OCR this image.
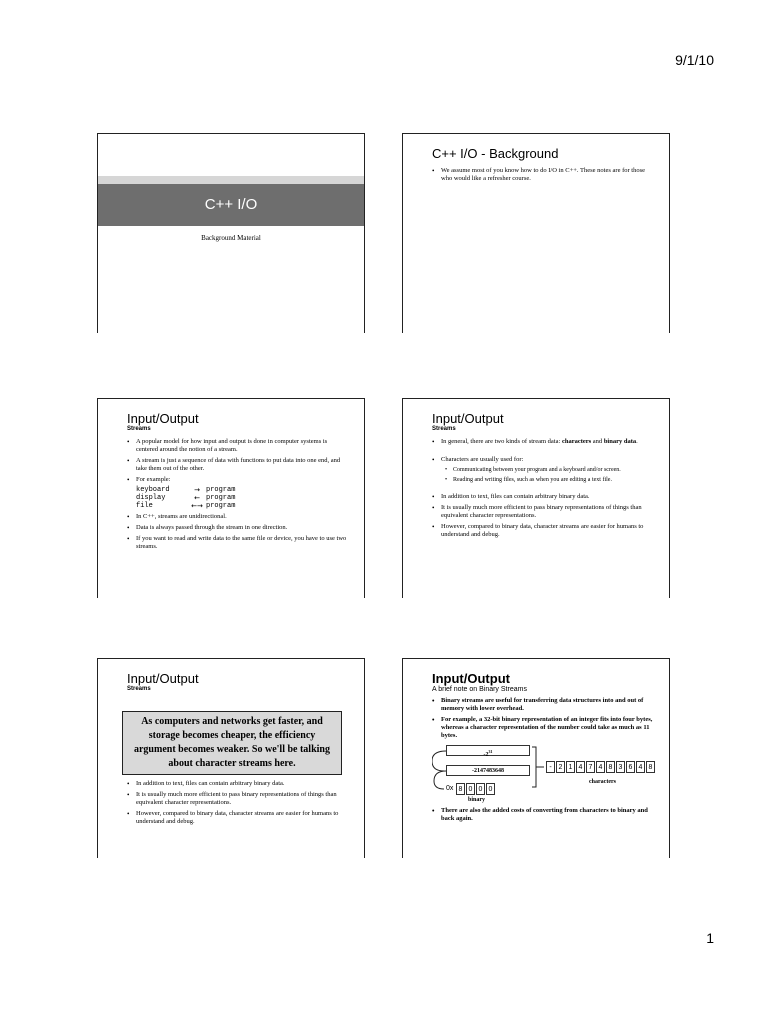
9/1/10
C++ I/O
Background Material
C++ I/O - Background
• We assume most of you know how to do I/O in C++. These notes are for those who would like a refresher course.
Input/Output
Streams
• A popular model for how input and output is done in computer systems is centered around the notion of a stream.
• A stream is just a sequence of data with functions to put data into one end, and take them out of the other.
• For example:
keyboard	→ program
display	← program
file	←→ program
• In C++, streams are unidirectional.
• Data is always passed through the stream in one direction.
• If you want to read and write data to the same file or device, you have to use two streams.
Input/Output
Streams
• In general, there are two kinds of stream data: characters and binary data.
• Characters are usually used for:
• Communicating between your program and a keyboard and/or screen.
• Reading and writing files, such as when you are editing a text file.
• In addition to text, files can contain arbitrary binary data.
• It is usually much more efficient to pass binary representations of things than equivalent character representations.
• However, compared to binary data, character streams are easier for humans to understand and debug.
Input/Output
Streams
As computers and networks get faster, and storage becomes cheaper, the efficiency argument becomes weaker. So we'll be talking about character streams here.
• In addition to text, files can contain arbitrary binary data.
• It is usually much more efficient to pass binary representations of things than equivalent character representations.
• However, compared to binary data, character streams are easier for humans to understand and debug.
Input/Output
A brief note on Binary Streams
• Binary streams are useful for transferring data structures into and out of memory with lower overhead.
• For example, a 32-bit binary representation of an integer fits into four bytes, whereas a character representation of the number could take as much as 11 bytes.
$-2^{31}$
-2147483648
0x 8 0 0 0
binary
- 2 1 4 7 4 8 3 6 4 8
characters
• There are also the added costs of converting from characters to binary and back again.
1
